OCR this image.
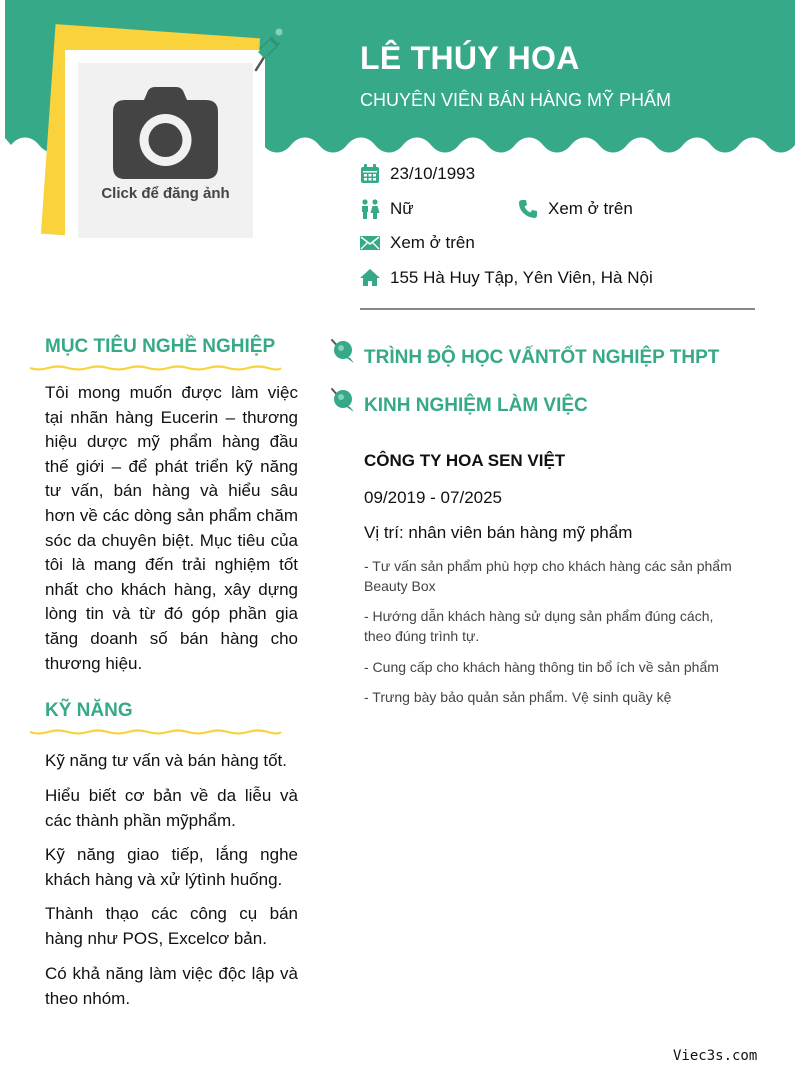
LÊ THÚY HOA
CHUYÊN VIÊN BÁN HÀNG MỸ PHẨM
Click để đăng ảnh
23/10/1993
Nữ	Xem ở trên
Xem ở trên
155 Hà Huy Tập, Yên Viên, Hà Nội
MỤC TIÊU NGHỀ NGHIỆP
Tôi mong muốn được làm việc tại nhãn hàng Eucerin – thương hiệu dược mỹ phẩm hàng đầu thế giới – để phát triển kỹ năng tư vấn, bán hàng và hiểu sâu hơn về các dòng sản phẩm chăm sóc da chuyên biệt. Mục tiêu của tôi là mang đến trải nghiệm tốt nhất cho khách hàng, xây dựng lòng tin và từ đó góp phần gia tăng doanh số bán hàng cho thương hiệu.
KỸ NĂNG
Kỹ năng tư vấn và bán hàng tốt.
Hiểu biết cơ bản về da liễu và các thành phần mỹphẩm.
Kỹ năng giao tiếp, lắng nghe khách hàng và xử lýtình huống.
Thành thạo các công cụ bán hàng như POS, Excelcơ bản.
Có khả năng làm việc độc lập và theo nhóm.
TRÌNH ĐỘ HỌC VẤNTỐT NGHIỆP THPT
KINH NGHIỆM LÀM VIỆC
CÔNG TY HOA SEN VIỆT
09/2019 - 07/2025
Vị trí: nhân viên bán hàng mỹ phẩm
- Tư vấn sản phẩm phù hợp cho khách hàng các sản phẩm Beauty Box
- Hướng dẫn khách hàng sử dụng sản phẩm đúng cách, theo đúng trình tự.
- Cung cấp cho khách hàng thông tin bổ ích về sản phẩm
- Trưng bày bảo quản sản phẩm. Vệ sinh quầy kệ
Viec3s.com
